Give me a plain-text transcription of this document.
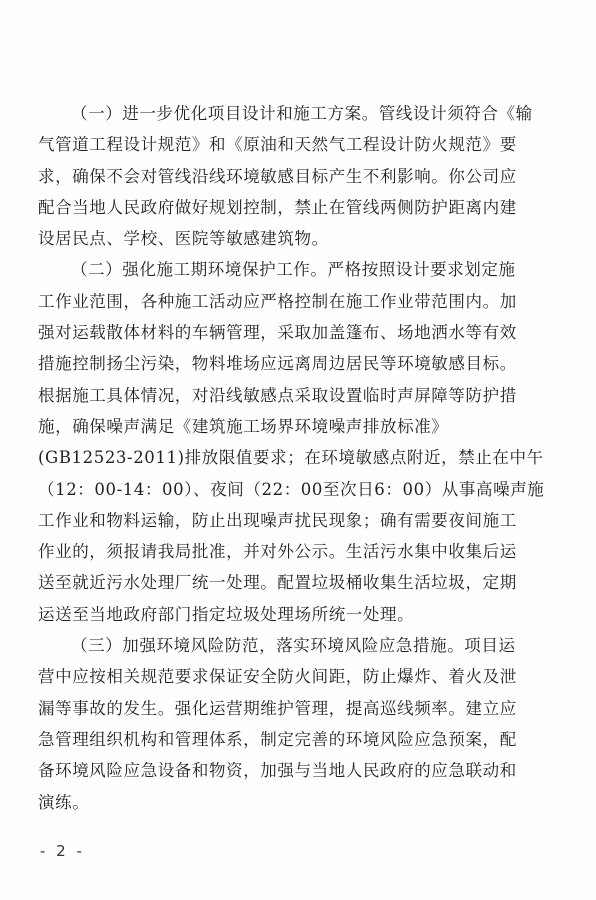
（一）进一步优化项目设计和施工方案。管线设计须符合《输
气管道工程设计规范》和《原油和天然气工程设计防火规范》要
求，确保不会对管线沿线环境敏感目标产生不利影响。你公司应
配合当地人民政府做好规划控制，禁止在管线两侧防护距离内建
设居民点、学校、医院等敏感建筑物。

（二）强化施工期环境保护工作。严格按照设计要求划定施
工作业范围，各种施工活动应严格控制在施工作业带范围内。加
强对运载散体材料的车辆管理，采取加盖篷布、场地洒水等有效
措施控制扬尘污染，物料堆场应远离周边居民等环境敏感目标。
根据施工具体情况，对沿线敏感点采取设置临时声屏障等防护措
施，确保噪声满足《建筑施工场界环境噪声排放标准》
(GB12523-2011)排放限值要求；在环境敏感点附近，禁止在中午
（12：00-14：00）、夜间（22：00至次日6：00）从事高噪声施
工作业和物料运输，防止出现噪声扰民现象；确有需要夜间施工
作业的，须报请我局批准，并对外公示。生活污水集中收集后运
送至就近污水处理厂统一处理。配置垃圾桶收集生活垃圾，定期
运送至当地政府部门指定垃圾处理场所统一处理。

（三）加强环境风险防范，落实环境风险应急措施。项目运
营中应按相关规范要求保证安全防火间距，防止爆炸、着火及泄
漏等事故的发生。强化运营期维护管理，提高巡线频率。建立应
急管理组织机构和管理体系，制定完善的环境风险应急预案，配
备环境风险应急设备和物资，加强与当地人民政府的应急联动和
演练。

- 2 -
